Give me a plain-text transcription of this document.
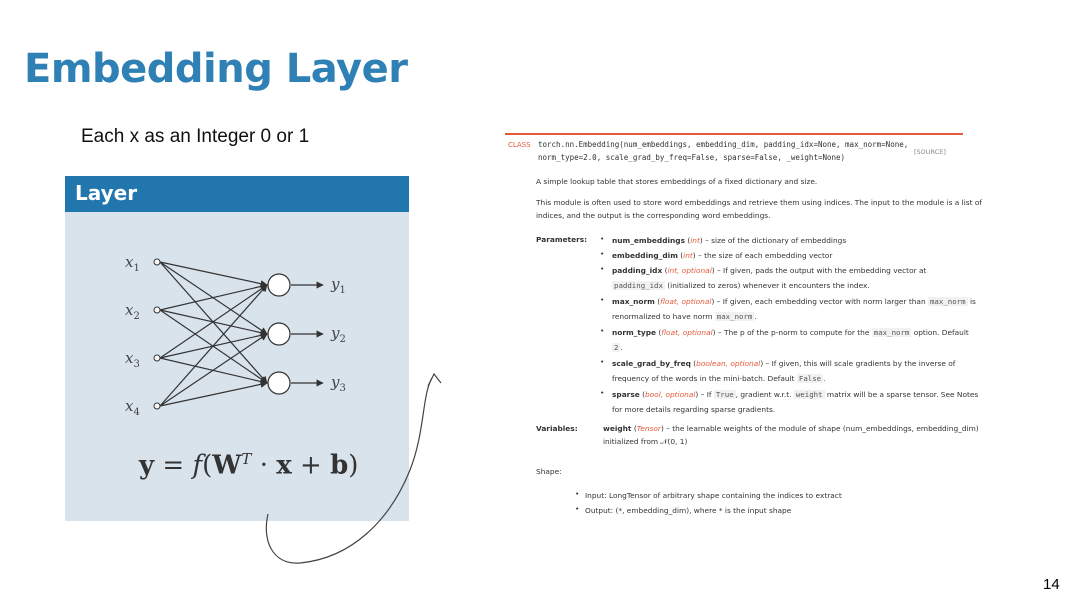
Embedding Layer
Each x as an Integer 0 or 1
Layer
$x_1$
$x_2$
$x_3$
$x_4$
$y_1$
$y_2$
$y_3$
$y = f(W^T \cdot x + b)$
CLASS torch.nn.Embedding(num_embeddings, embedding_dim, padding_idx=None, max_norm=None,
norm_type=2.0, scale_grad_by_freq=False, sparse=False, _weight=None)
[SOURCE]
A simple lookup table that stores embeddings of a fixed dictionary and size.
This module is often used to store word embeddings and retrieve them using indices. The input to the module is a list of
indices, and the output is the corresponding word embeddings.
Parameters: • num_embeddings (int) – size of the dictionary of embeddings
• embedding_dim (int) – the size of each embedding vector
• padding_idx (int, optional) – If given, pads the output with the embedding vector at
padding_idx (initialized to zeros) whenever it encounters the index.
• max_norm (float, optional) – If given, each embedding vector with norm larger than max_norm is
renormalized to have norm max_norm .
• norm_type (float, optional) – The p of the p-norm to compute for the max_norm option. Default
2 .
• scale_grad_by_freq (boolean, optional) – If given, this will scale gradients by the inverse of
frequency of the words in the mini-batch. Default False .
• sparse (bool, optional) – If True , gradient w.r.t. weight matrix will be a sparse tensor. See Notes
for more details regarding sparse gradients.
Variables:	weight (Tensor) – the learnable weights of the module of shape (num_embeddings, embedding_dim)
initialized from 𝒩(0, 1)
Shape:
• Input: LongTensor of arbitrary shape containing the indices to extract
• Output: (*, embedding_dim), where * is the input shape
14
